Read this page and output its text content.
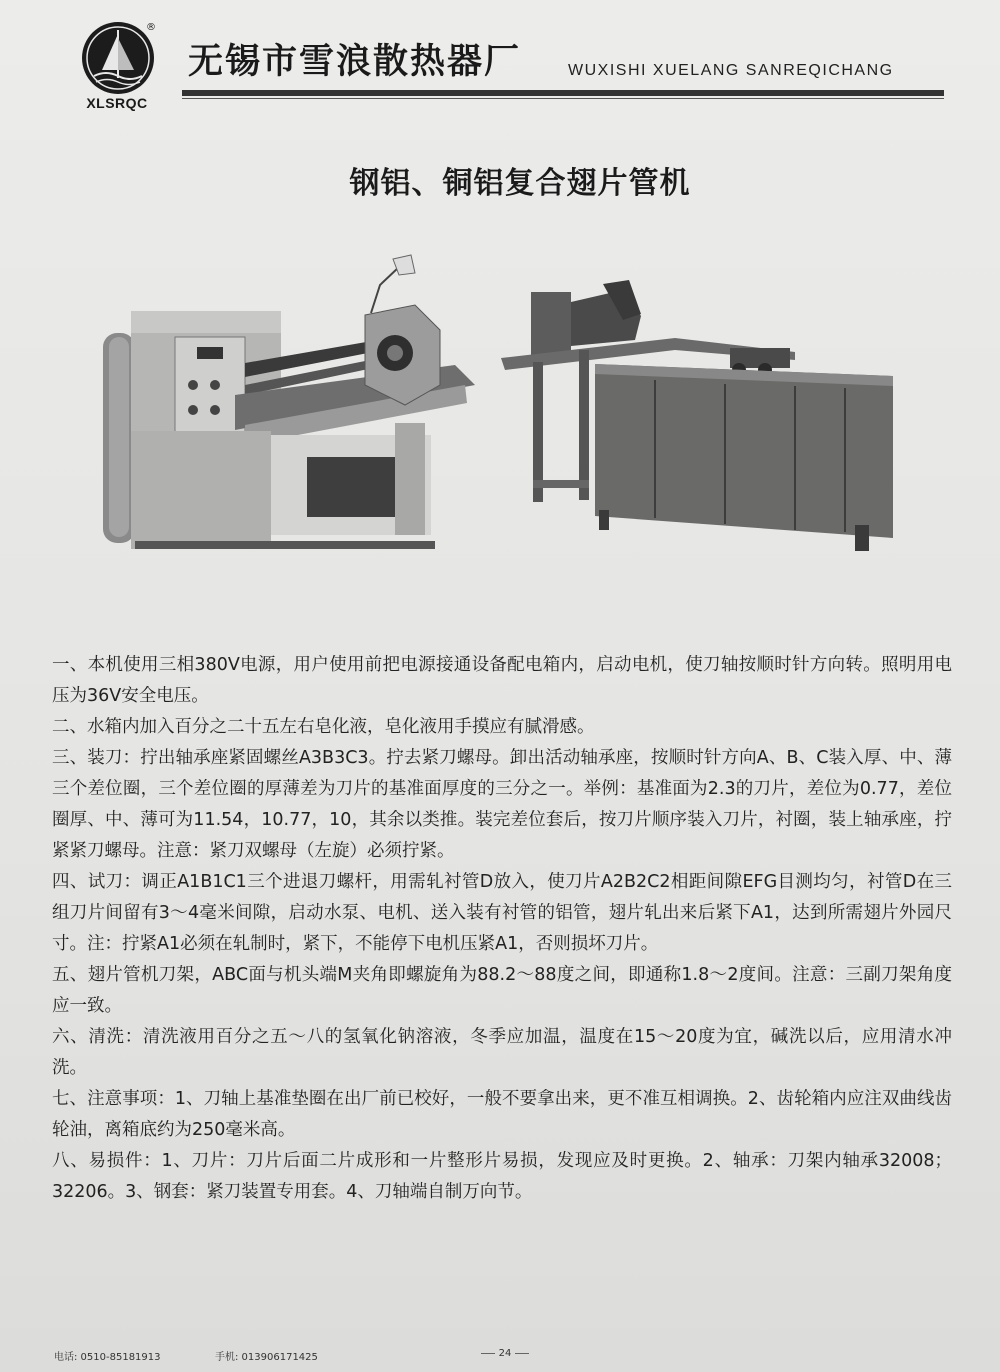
®
XLSRQC
无锡市雪浪散热器厂	WUXISHI XUELANG SANREQICHANG
钢铝、铜铝复合翅片管机

一、本机使用三相380V电源，用户使用前把电源接通设备配电箱内，启动电机，使刀轴按顺时针方向转。照明用电压为36V安全电压。

二、水箱内加入百分之二十五左右皂化液，皂化液用手摸应有腻滑感。

三、装刀：拧出轴承座紧固螺丝A3B3C3。拧去紧刀螺母。卸出活动轴承座，按顺时针方向A、B、C装入厚、中、薄三个差位圈，三个差位圈的厚薄差为刀片的基准面厚度的三分之一。举例：基准面为2.3的刀片，差位为0.77，差位圈厚、中、薄可为11.54，10.77，10，其余以类推。装完差位套后，按刀片顺序装入刀片，衬圈，装上轴承座，拧紧紧刀螺母。注意：紧刀双螺母（左旋）必须拧紧。

四、试刀：调正A1B1C1三个进退刀螺杆，用需轧衬管D放入，使刀片A2B2C2相距间隙EFG目测均匀，衬管D在三组刀片间留有3～4毫米间隙，启动水泵、电机、送入装有衬管的铝管，翅片轧出来后紧下A1，达到所需翅片外园尺寸。注：拧紧A1必须在轧制时，紧下，不能停下电机压紧A1，否则损坏刀片。

五、翅片管机刀架，ABC面与机头端M夹角即螺旋角为88.2～88度之间，即通称1.8～2度间。注意：三副刀架角度应一致。

六、清洗：清洗液用百分之五～八的氢氧化钠溶液，冬季应加温，温度在15～20度为宜，碱洗以后，应用清水冲洗。

七、注意事项：1、刀轴上基准垫圈在出厂前已校好，一般不要拿出来，更不准互相调换。2、齿轮箱内应注双曲线齿轮油，离箱底约为250毫米高。

八、易损件：1、刀片：刀片后面二片成形和一片整形片易损，发现应及时更换。2、轴承：刀架内轴承32008；32206。3、钢套：紧刀装置专用套。4、刀轴端自制万向节。

电话: 0510-85181913	手机: 013906171425	24
